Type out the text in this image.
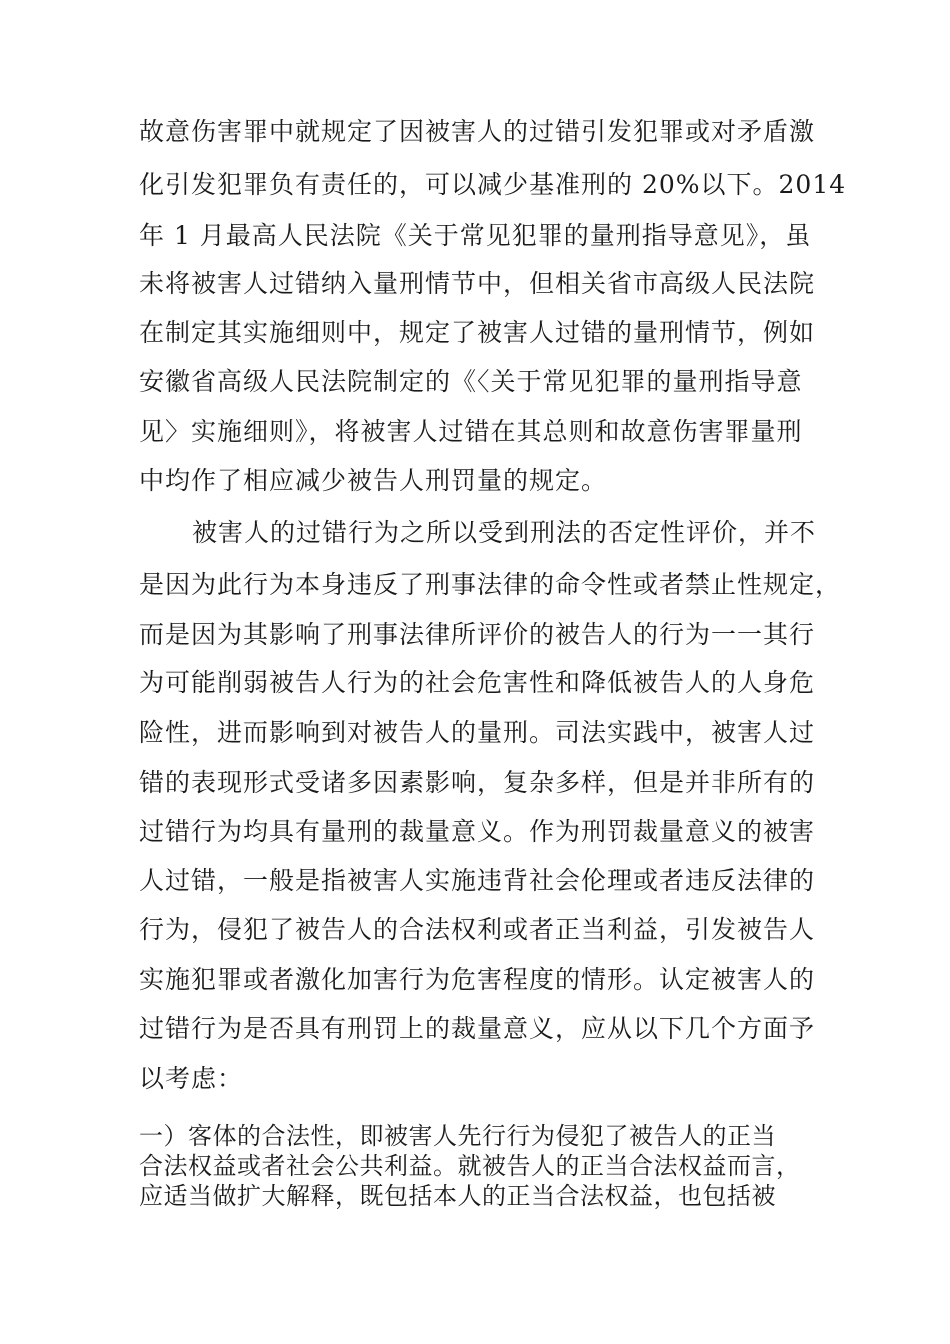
故意伤害罪中就规定了因被害人的过错引发犯罪或对矛盾激
化引发犯罪负有责任的，可以减少基准刑的 20%以下。2014
年 1 月最高人民法院《关于常见犯罪的量刑指导意见》，虽
未将被害人过错纳入量刑情节中，但相关省市高级人民法院
在制定其实施细则中，规定了被害人过错的量刑情节，例如
安徽省高级人民法院制定的《〈关于常见犯罪的量刑指导意
见〉实施细则》，将被害人过错在其总则和故意伤害罪量刑
中均作了相应减少被告人刑罚量的规定。
被害人的过错行为之所以受到刑法的否定性评价，并不
是因为此行为本身违反了刑事法律的命令性或者禁止性规定，
而是因为其影响了刑事法律所评价的被告人的行为一一其行
为可能削弱被告人行为的社会危害性和降低被告人的人身危
险性，进而影响到对被告人的量刑。司法实践中，被害人过
错的表现形式受诸多因素影响，复杂多样，但是并非所有的
过错行为均具有量刑的裁量意义。作为刑罚裁量意义的被害
人过错，一般是指被害人实施违背社会伦理或者违反法律的
行为，侵犯了被告人的合法权利或者正当利益，引发被告人
实施犯罪或者激化加害行为危害程度的情形。认定被害人的
过错行为是否具有刑罚上的裁量意义，应从以下几个方面予
以考虑：
一）客体的合法性，即被害人先行行为侵犯了被告人的正当
合法权益或者社会公共利益。就被告人的正当合法权益而言，
应适当做扩大解释，既包括本人的正当合法权益，也包括被
